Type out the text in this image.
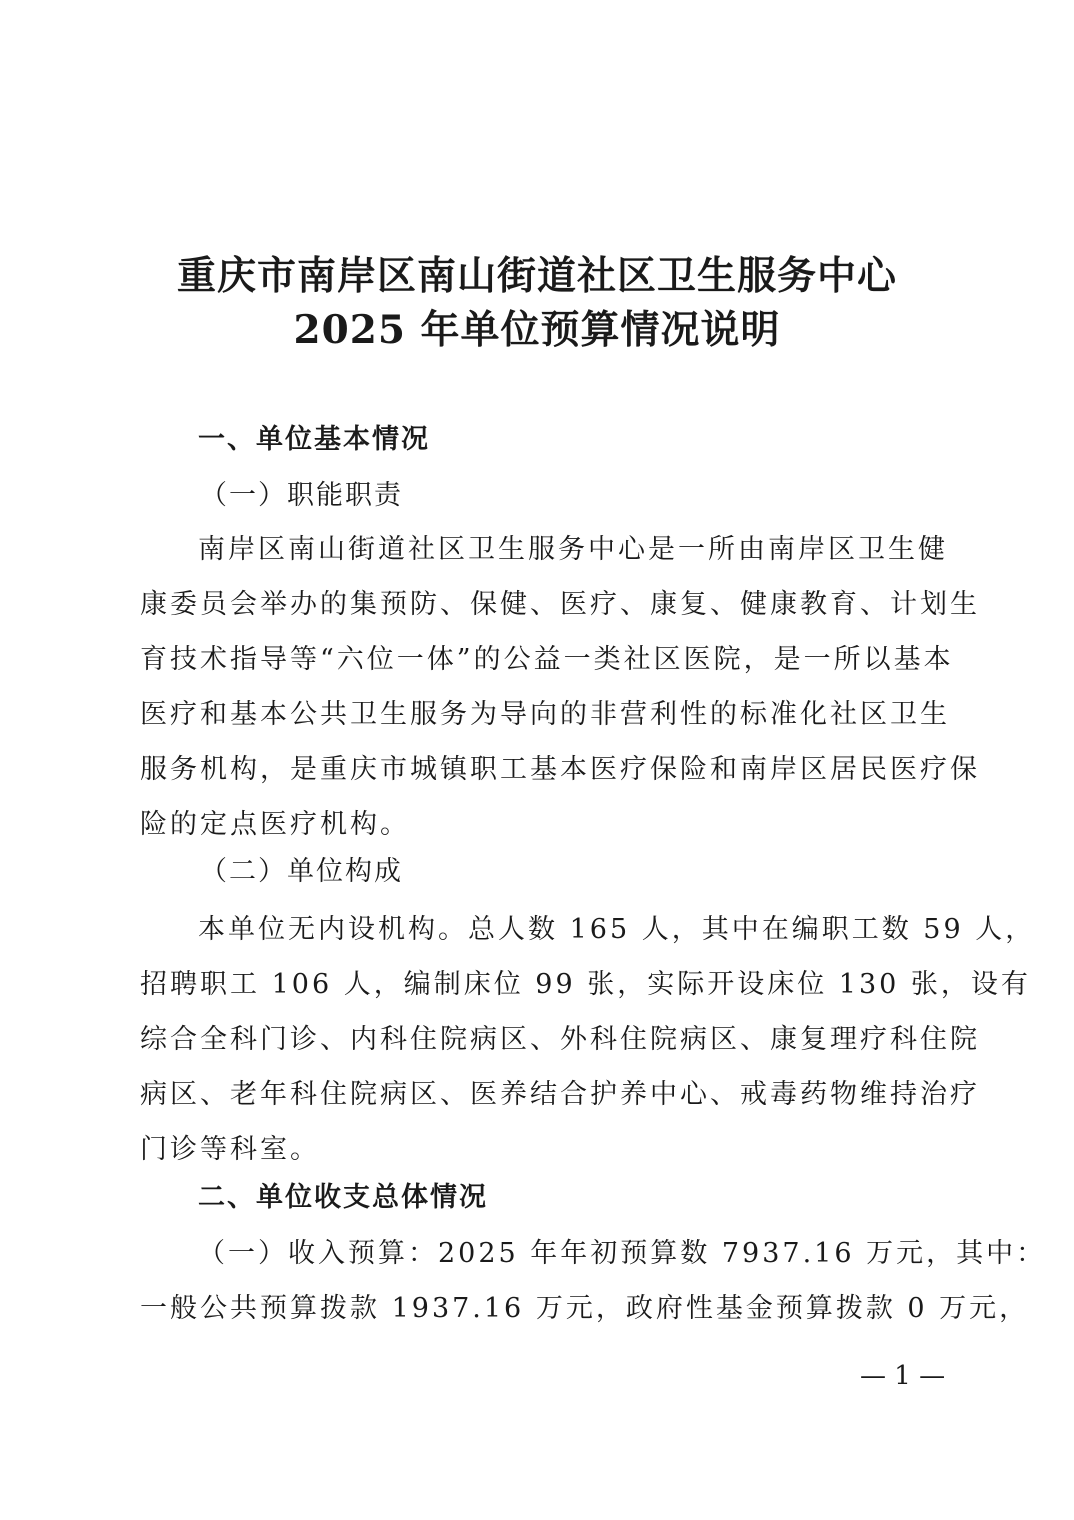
重庆市南岸区南山街道社区卫生服务中心
2025 年单位预算情况说明
一、单位基本情况
（一）职能职责
南岸区南山街道社区卫生服务中心是一所由南岸区卫生健
康委员会举办的集预防、保健、医疗、康复、健康教育、计划生
育技术指导等“六位一体”的公益一类社区医院，是一所以基本
医疗和基本公共卫生服务为导向的非营利性的标准化社区卫生
服务机构，是重庆市城镇职工基本医疗保险和南岸区居民医疗保
险的定点医疗机构。
（二）单位构成
本单位无内设机构。总人数 165 人，其中在编职工数 59 人，
招聘职工 106 人，编制床位 99 张，实际开设床位 130 张，设有
综合全科门诊、内科住院病区、外科住院病区、康复理疗科住院
病区、老年科住院病区、医养结合护养中心、戒毒药物维持治疗
门诊等科室。
二、单位收支总体情况
（一）收入预算：2025 年年初预算数 7937.16 万元，其中：
一般公共预算拨款 1937.16 万元，政府性基金预算拨款 0 万元，
— 1 —
